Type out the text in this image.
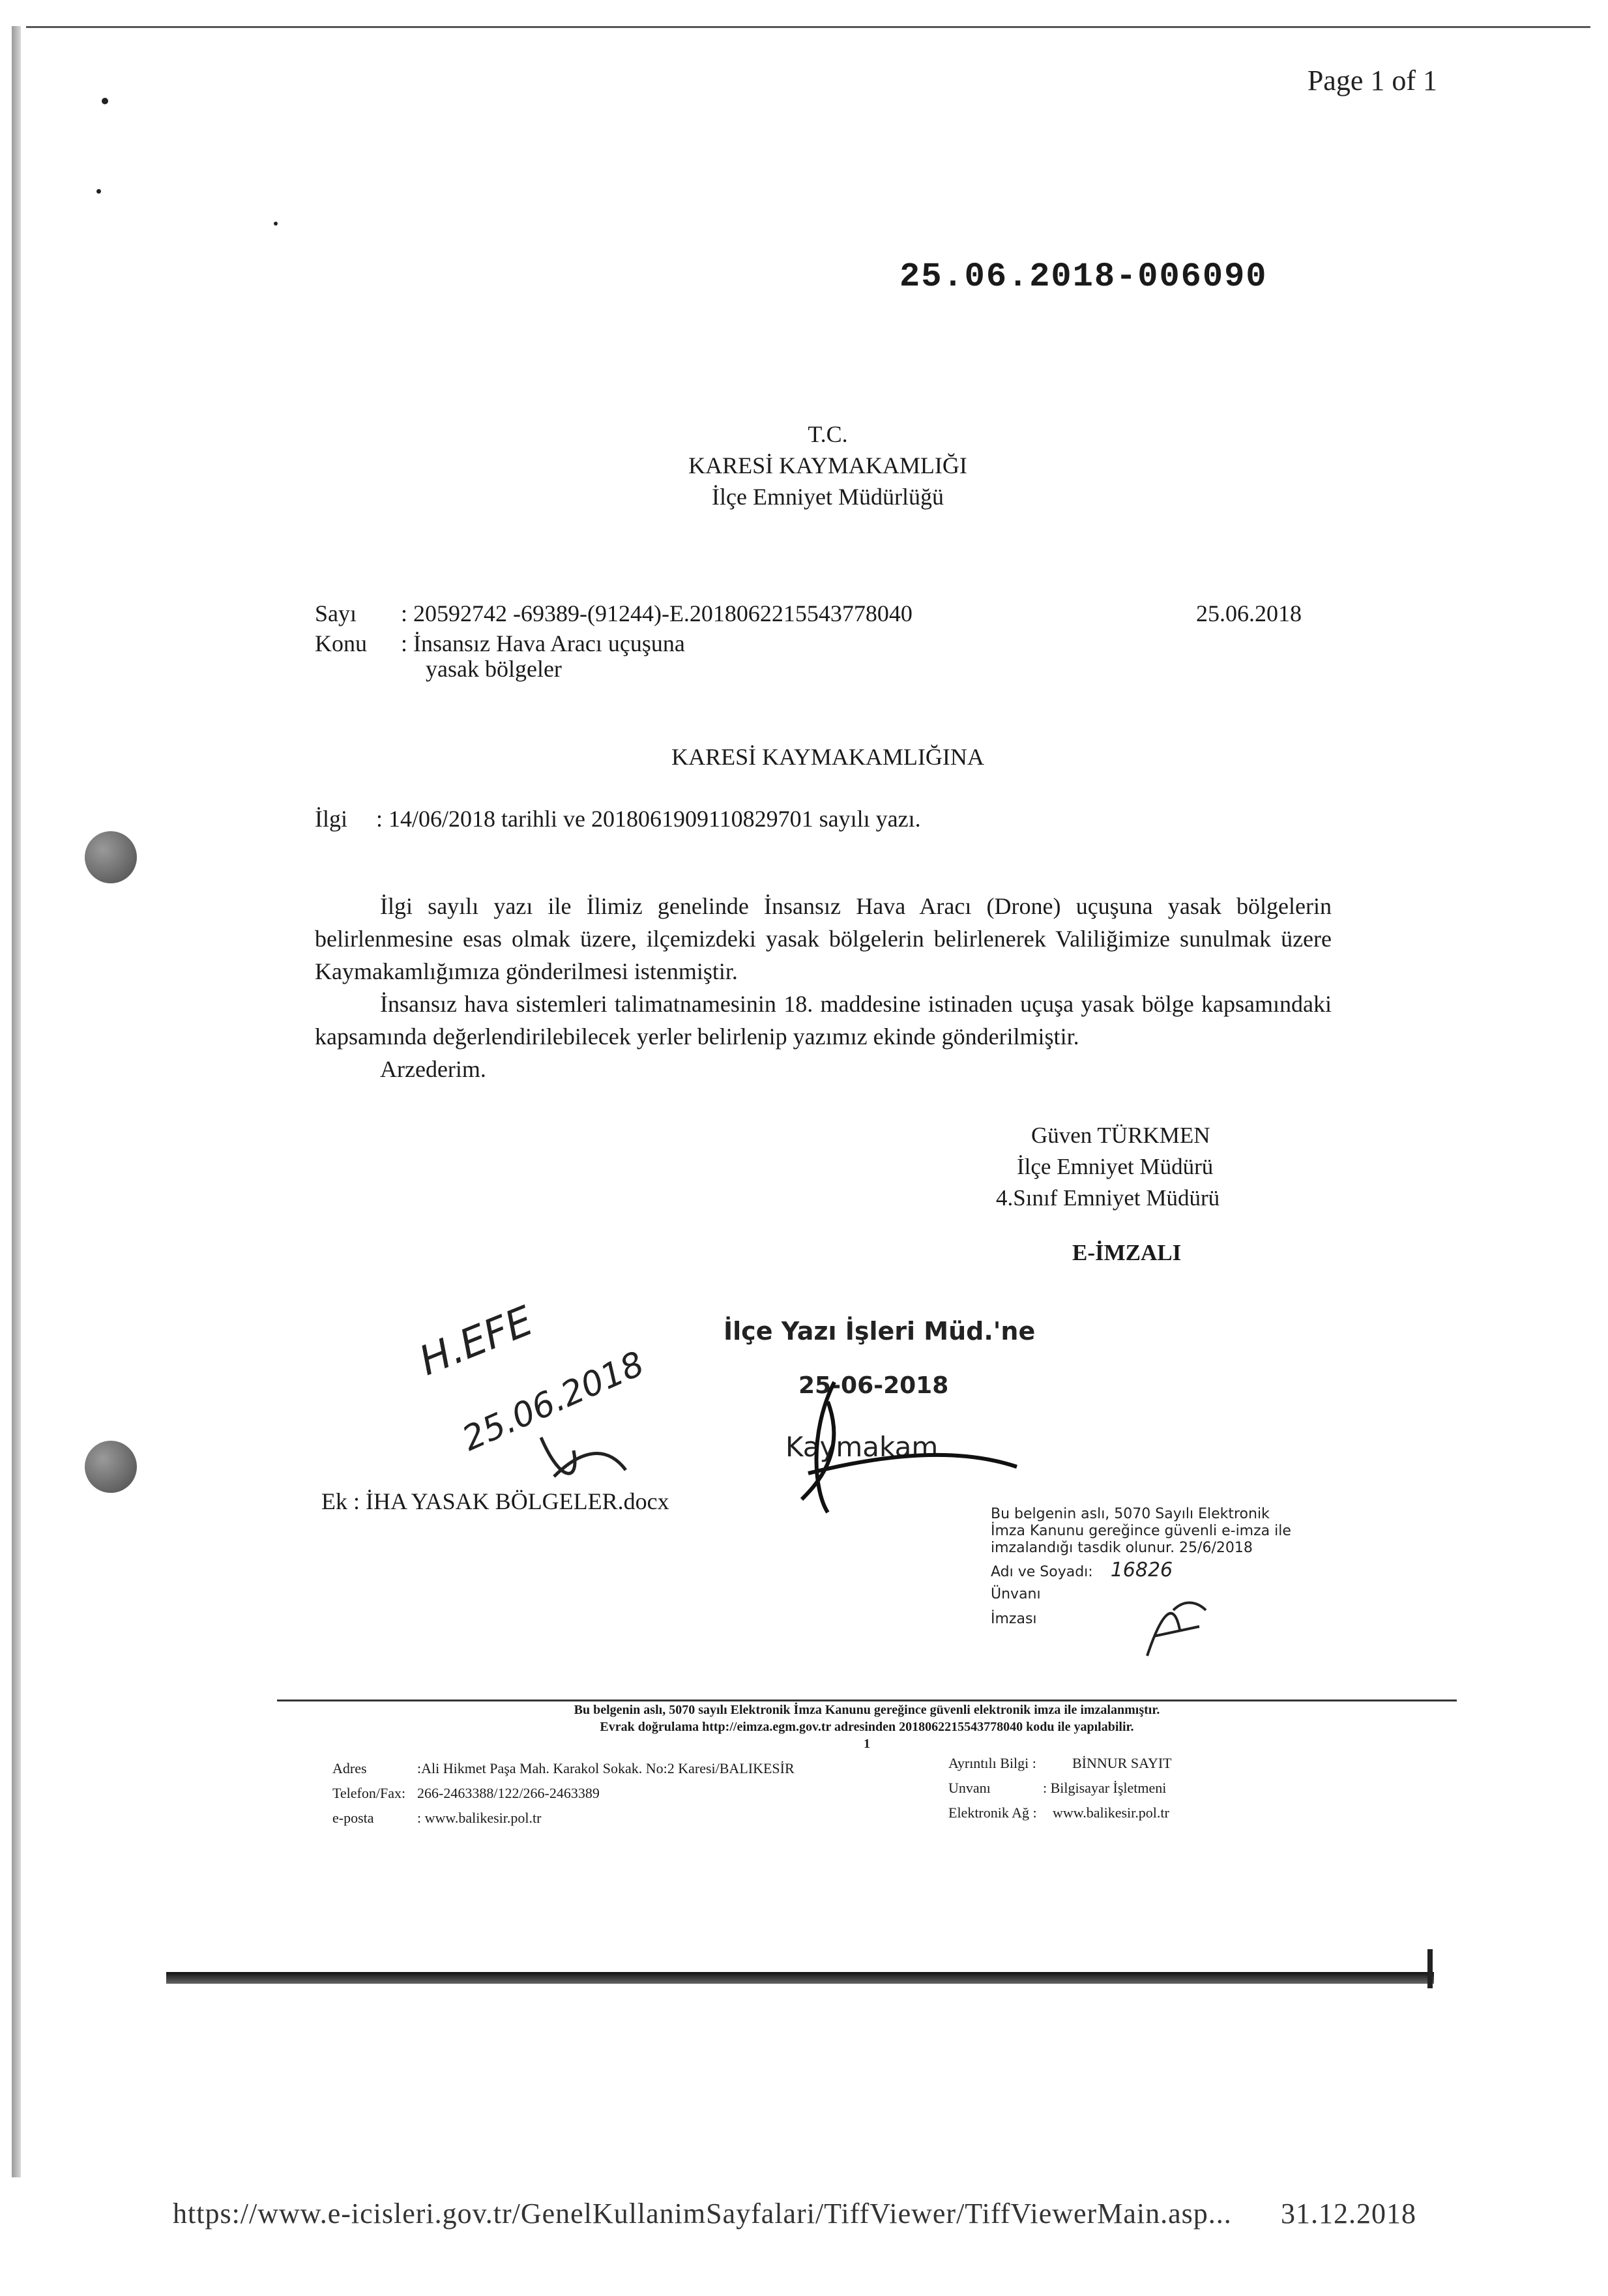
Page 1 of 1
25.06.2018-006090
T.C.
KARESİ KAYMAKAMLIĞI
İlçe Emniyet Müdürlüğü
Sayı : 20592742 -69389-(91244)-E.2018062215543778040	25.06.2018
Konu : İnsansız Hava Aracı uçuşuna
yasak bölgeler
KARESİ KAYMAKAMLIĞINA
İlgi : 14/06/2018 tarihli ve 2018061909110829701 sayılı yazı.

İlgi sayılı yazı ile İlimiz genelinde İnsansız Hava Aracı (Drone) uçuşuna yasak bölgelerin belirlenmesine esas olmak üzere, ilçemizdeki yasak bölgelerin belirlenerek Valiliğimize sunulmak üzere Kaymakamlığımıza gönderilmesi istenmiştir.

İnsansız hava sistemleri talimatnamesinin 18. maddesine istinaden uçuşa yasak bölge kapsamındaki kapsamında değerlendirilebilecek yerler belirlenip yazımız ekinde gönderilmiştir.

Arzederim.

Güven TÜRKMEN
İlçe Emniyet Müdürü
4.Sınıf Emniyet Müdürü
E-İMZALI
H.EFE
25.06.2018
İlçe Yazı İşleri Müd.'ne
25-06-2018
Kaymakam
Ek : İHA YASAK BÖLGELER.docx	Bu belgenin aslı, 5070 Sayılı Elektronik
İmza Kanunu gereğince güvenli e-imza ile
imzalandığı tasdik olunur. 25/6/2018
Adı ve Soyadı: 16826
Ünvanı
İmzası
Bu belgenin aslı, 5070 sayılı Elektronik İmza Kanunu gereğince güvenli elektronik imza ile imzalanmıştır.
Evrak doğrulama http://eimza.egm.gov.tr adresinden 2018062215543778040 kodu ile yapılabilir.
1
Adres	:Ali Hikmet Paşa Mah. Karakol Sokak. No:2 Karesi/BALIKESİR
Telefon/Fax: 266-2463388/122/266-2463389
e-posta	: www.balikesir.pol.tr
Ayrıntılı Bilgi :	BİNNUR SAYIT
Unvanı	: Bilgisayar İşletmeni
Elektronik Ağ : www.balikesir.pol.tr
https://www.e-icisleri.gov.tr/GenelKullanimSayfalari/TiffViewer/TiffViewerMain.asp... 31.12.2018
